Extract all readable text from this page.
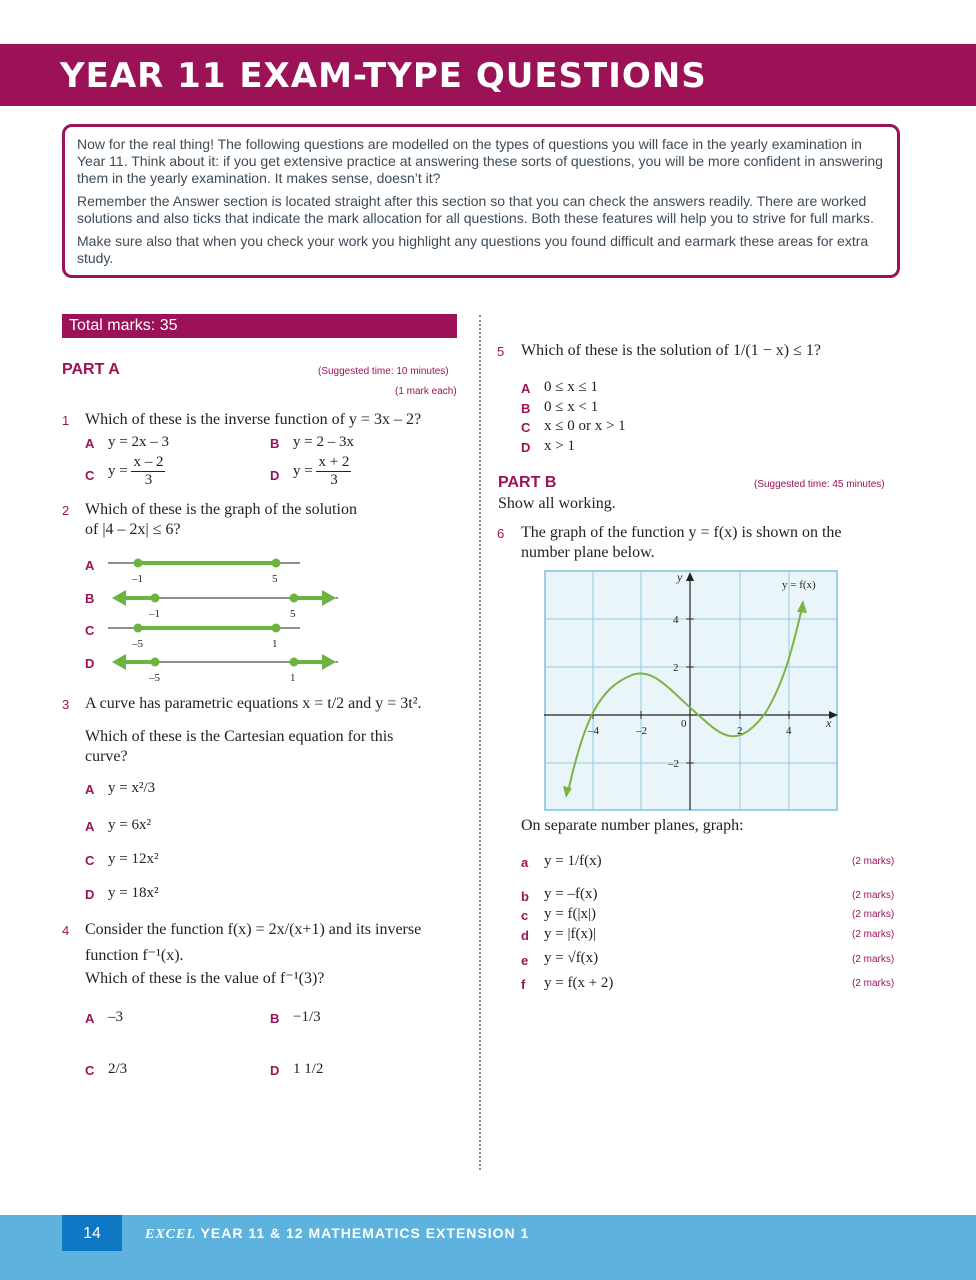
YEAR 11 EXAM-TYPE QUESTIONS

Now for the real thing! The following questions are modelled on the types of questions you will face in the yearly examination in Year 11. Think about it: if you get extensive practice at answering these sorts of questions, you will be more confident in answering them in the yearly examination. It makes sense, doesn’t it?

Remember the Answer section is located straight after this section so that you can check the answers readily. There are worked solutions and also ticks that indicate the mark allocation for all questions. Both these features will help you to strive for full marks.

Make sure also that when you check your work you highlight any questions you found difficult and earmark these areas for extra study.

Total marks: 35
PART A	(Suggested time: 10 minutes)
(1 mark each)
1 Which of these is the inverse function of y = 3x – 2?
A y = 2x – 3	B y = 2 – 3x
C $y = \frac{x - 2}{3}$	D $y = \frac{x + 2}{3}$
2 Which of these is the graph of the solution
of |4 – 2x| ≤ 6?
A
B
C
D
–1	5
–1	5
–5	1
–5	1
3 A curve has parametric equations x = t/2 and y = 3t².
Which of these is the Cartesian equation for this
curve?
A y = x²/3
A y = 6x²
C y = 12x²
D y = 18x²
4 Consider the function f(x) = 2x/(x+1) and its inverse
function f⁻¹(x).
Which of these is the value of f⁻¹(3)?
A –3	B −1/3
C 2/3	D 1 1/2
5 Which of these is the solution of 1/(1 − x) ≤ 1?
A 0 ≤ x ≤ 1
B 0 ≤ x < 1
C x ≤ 0 or x > 1
D x > 1
PART B	(Suggested time: 45 minutes)
Show all working.
6 The graph of the function y = f(x) is shown on the
number plane below.
x
y
y = f(x)
–4	–2
0
2	4
4
2
–2
On separate number planes, graph:
a y = 1/f(x)	(2 marks)
b y = –f(x)	(2 marks)
c y = f(|x|)	(2 marks)
d y = |f(x)|	(2 marks)
e y = √f(x)	(2 marks)
f y = f(x + 2)	(2 marks)
14	EXCEL YEAR 11 & 12 MATHEMATICS EXTENSION 1
